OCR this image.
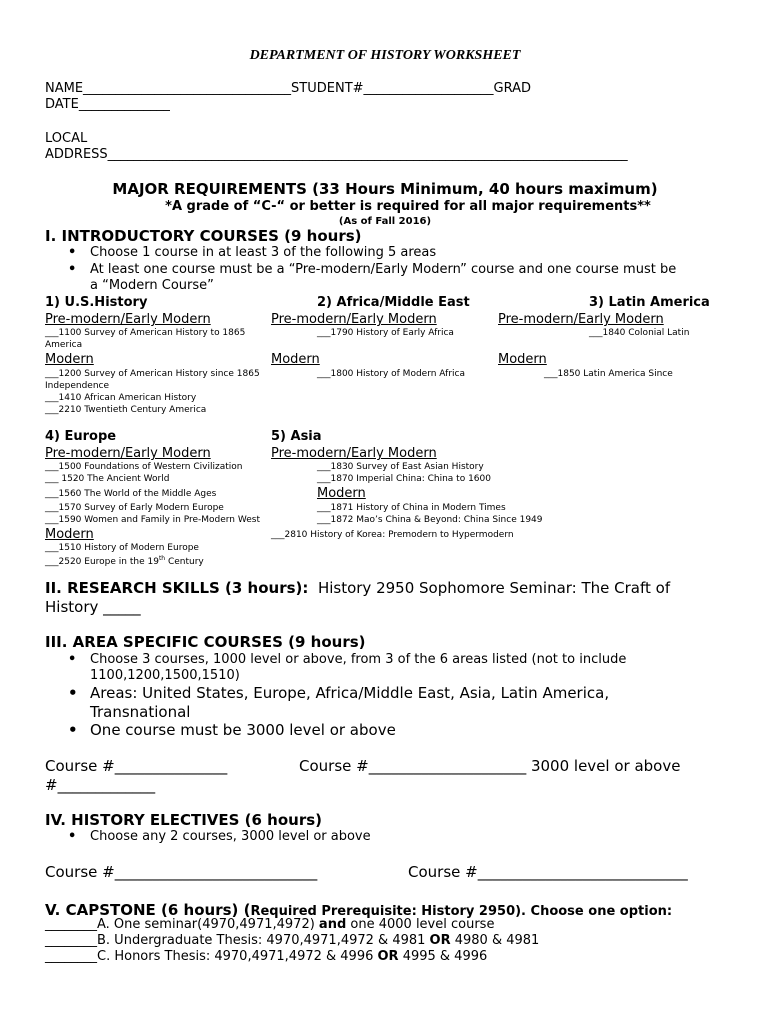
DEPARTMENT OF HISTORY WORKSHEET
NAME________________________________STUDENT#____________________GRAD
DATE______________
LOCAL
ADDRESS________________________________________________________________________________
MAJOR REQUIREMENTS (33 Hours Minimum, 40 hours maximum)
*A grade of “C-“ or better is required for all major requirements**
(As of Fall 2016)
I. INTRODUCTORY COURSES (9 hours)
• Choose 1 course in at least 3 of the following 5 areas
• At least one course must be a “Pre-modern/Early Modern” course and one course must be
a “Modern Course”
1) U.S.History	2) Africa/Middle East	3) Latin America
Pre-modern/Early Modern	Pre-modern/Early Modern	Pre-modern/Early Modern
___1100 Survey of American History to 1865	___1790 History of Early Africa	___1840 Colonial Latin
America
Modern	Modern	Modern
___1200 Survey of American History since 1865	___1800 History of Modern Africa	___1850 Latin America Since
Independence
___1410 African American History
___2210 Twentieth Century America
4) Europe	5) Asia
Pre-modern/Early Modern	Pre-modern/Early Modern
___1500 Foundations of Western Civilization	___1830 Survey of East Asian History
___ 1520 The Ancient World	___1870 Imperial China: China to 1600
___1560 The World of the Middle Ages	Modern
___1570 Survey of Early Modern Europe	___1871 History of China in Modern Times
___1590 Women and Family in Pre-Modern West	___1872 Mao’s China & Beyond: China Since 1949
Modern	___2810 History of Korea: Premodern to Hypermodern
___1510 History of Modern Europe
___2520 Europe in the 19th Century
II. RESEARCH SKILLS (3 hours): History 2950 Sophomore Seminar: The Craft of
History _____
III. AREA SPECIFIC COURSES (9 hours)
• Choose 3 courses, 1000 level or above, from 3 of the 6 areas listed (not to include
1100,1200,1500,1510)
• Areas: United States, Europe, Africa/Middle East, Asia, Latin America,
Transnational
• One course must be 3000 level or above
Course #_______________	Course #_____________________ 3000 level or above
#_____________
IV. HISTORY ELECTIVES (6 hours)
• Choose any 2 courses, 3000 level or above
Course #___________________________	Course #____________________________
V. CAPSTONE (6 hours) (Required Prerequisite: History 2950). Choose one option:
________A. One seminar(4970,4971,4972) and one 4000 level course
________B. Undergraduate Thesis: 4970,4971,4972 & 4981 OR 4980 & 4981
________C. Honors Thesis: 4970,4971,4972 & 4996 OR 4995 & 4996
